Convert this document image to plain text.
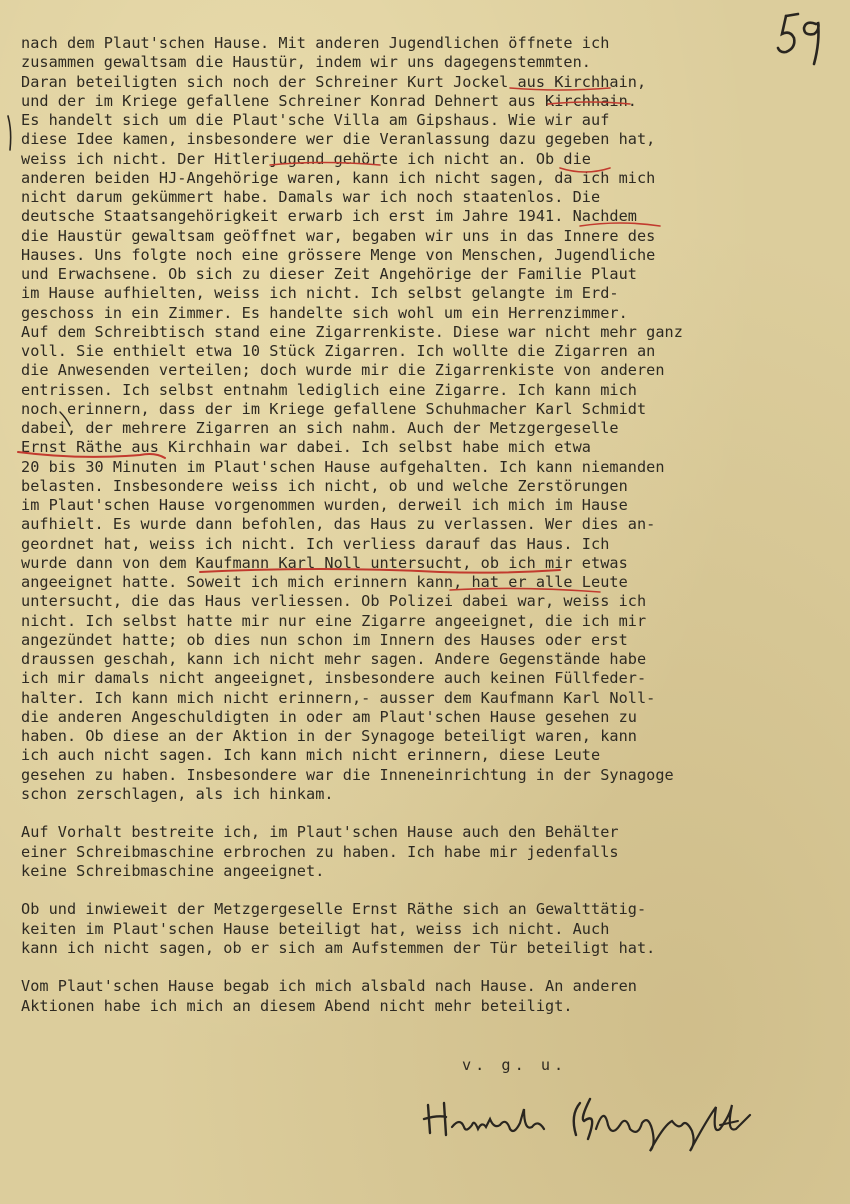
nach dem Plaut'schen Hause. Mit anderen Jugendlichen öffnete ich
zusammen gewaltsam die Haustür, indem wir uns dagegenstemmten.
Daran beteiligten sich noch der Schreiner Kurt Jockel aus Kirchhain,
und der im Kriege gefallene Schreiner Konrad Dehnert aus Kirchhain.
Es handelt sich um die Plaut'sche Villa am Gipshaus. Wie wir auf
diese Idee kamen, insbesondere wer die Veranlassung dazu gegeben hat,
weiss ich nicht. Der Hitlerjugend gehörte ich nicht an. Ob die
anderen beiden HJ-Angehörige waren, kann ich nicht sagen, da ich mich
nicht darum gekümmert habe. Damals war ich noch staatenlos. Die
deutsche Staatsangehörigkeit erwarb ich erst im Jahre 1941. Nachdem
die Haustür gewaltsam geöffnet war, begaben wir uns in das Innere des
Hauses. Uns folgte noch eine grössere Menge von Menschen, Jugendliche
und Erwachsene. Ob sich zu dieser Zeit Angehörige der Familie Plaut
im Hause aufhielten, weiss ich nicht. Ich selbst gelangte im Erd-
geschoss in ein Zimmer. Es handelte sich wohl um ein Herrenzimmer.
Auf dem Schreibtisch stand eine Zigarrenkiste. Diese war nicht mehr ganz
voll. Sie enthielt etwa 10 Stück Zigarren. Ich wollte die Zigarren an
die Anwesenden verteilen; doch wurde mir die Zigarrenkiste von anderen
entrissen. Ich selbst entnahm lediglich eine Zigarre. Ich kann mich
noch erinnern, dass der im Kriege gefallene Schuhmacher Karl Schmidt
dabei, der mehrere Zigarren an sich nahm. Auch der Metzgergeselle
Ernst Räthe aus Kirchhain war dabei. Ich selbst habe mich etwa
20 bis 30 Minuten im Plaut'schen Hause aufgehalten. Ich kann niemanden
belasten. Insbesondere weiss ich nicht, ob und welche Zerstörungen
im Plaut'schen Hause vorgenommen wurden, derweil ich mich im Hause
aufhielt. Es wurde dann befohlen, das Haus zu verlassen. Wer dies an-
geordnet hat, weiss ich nicht. Ich verliess darauf das Haus. Ich
wurde dann von dem Kaufmann Karl Noll untersucht, ob ich mir etwas
angeeignet hatte. Soweit ich mich erinnern kann, hat er alle Leute
untersucht, die das Haus verliessen. Ob Polizei dabei war, weiss ich
nicht. Ich selbst hatte mir nur eine Zigarre angeeignet, die ich mir
angezündet hatte; ob dies nun schon im Innern des Hauses oder erst
draussen geschah, kann ich nicht mehr sagen. Andere Gegenstände habe
ich mir damals nicht angeeignet, insbesondere auch keinen Füllfeder-
halter. Ich kann mich nicht erinnern,- ausser dem Kaufmann Karl Noll-
die anderen Angeschuldigten in oder am Plaut'schen Hause gesehen zu
haben. Ob diese an der Aktion in der Synagoge beteiligt waren, kann
ich auch nicht sagen. Ich kann mich nicht erinnern, diese Leute
gesehen zu haben. Insbesondere war die Inneneinrichtung in der Synagoge
schon zerschlagen, als ich hinkam.
Auf Vorhalt bestreite ich, im Plaut'schen Hause auch den Behälter
einer Schreibmaschine erbrochen zu haben. Ich habe mir jedenfalls
keine Schreibmaschine angeeignet.
Ob und inwieweit der Metzgergeselle Ernst Räthe sich an Gewalttätig-
keiten im Plaut'schen Hause beteiligt hat, weiss ich nicht. Auch
kann ich nicht sagen, ob er sich am Aufstemmen der Tür beteiligt hat.
Vom Plaut'schen Hause begab ich mich alsbald nach Hause. An anderen
Aktionen habe ich mich an diesem Abend nicht mehr beteiligt.
v. g. u.
